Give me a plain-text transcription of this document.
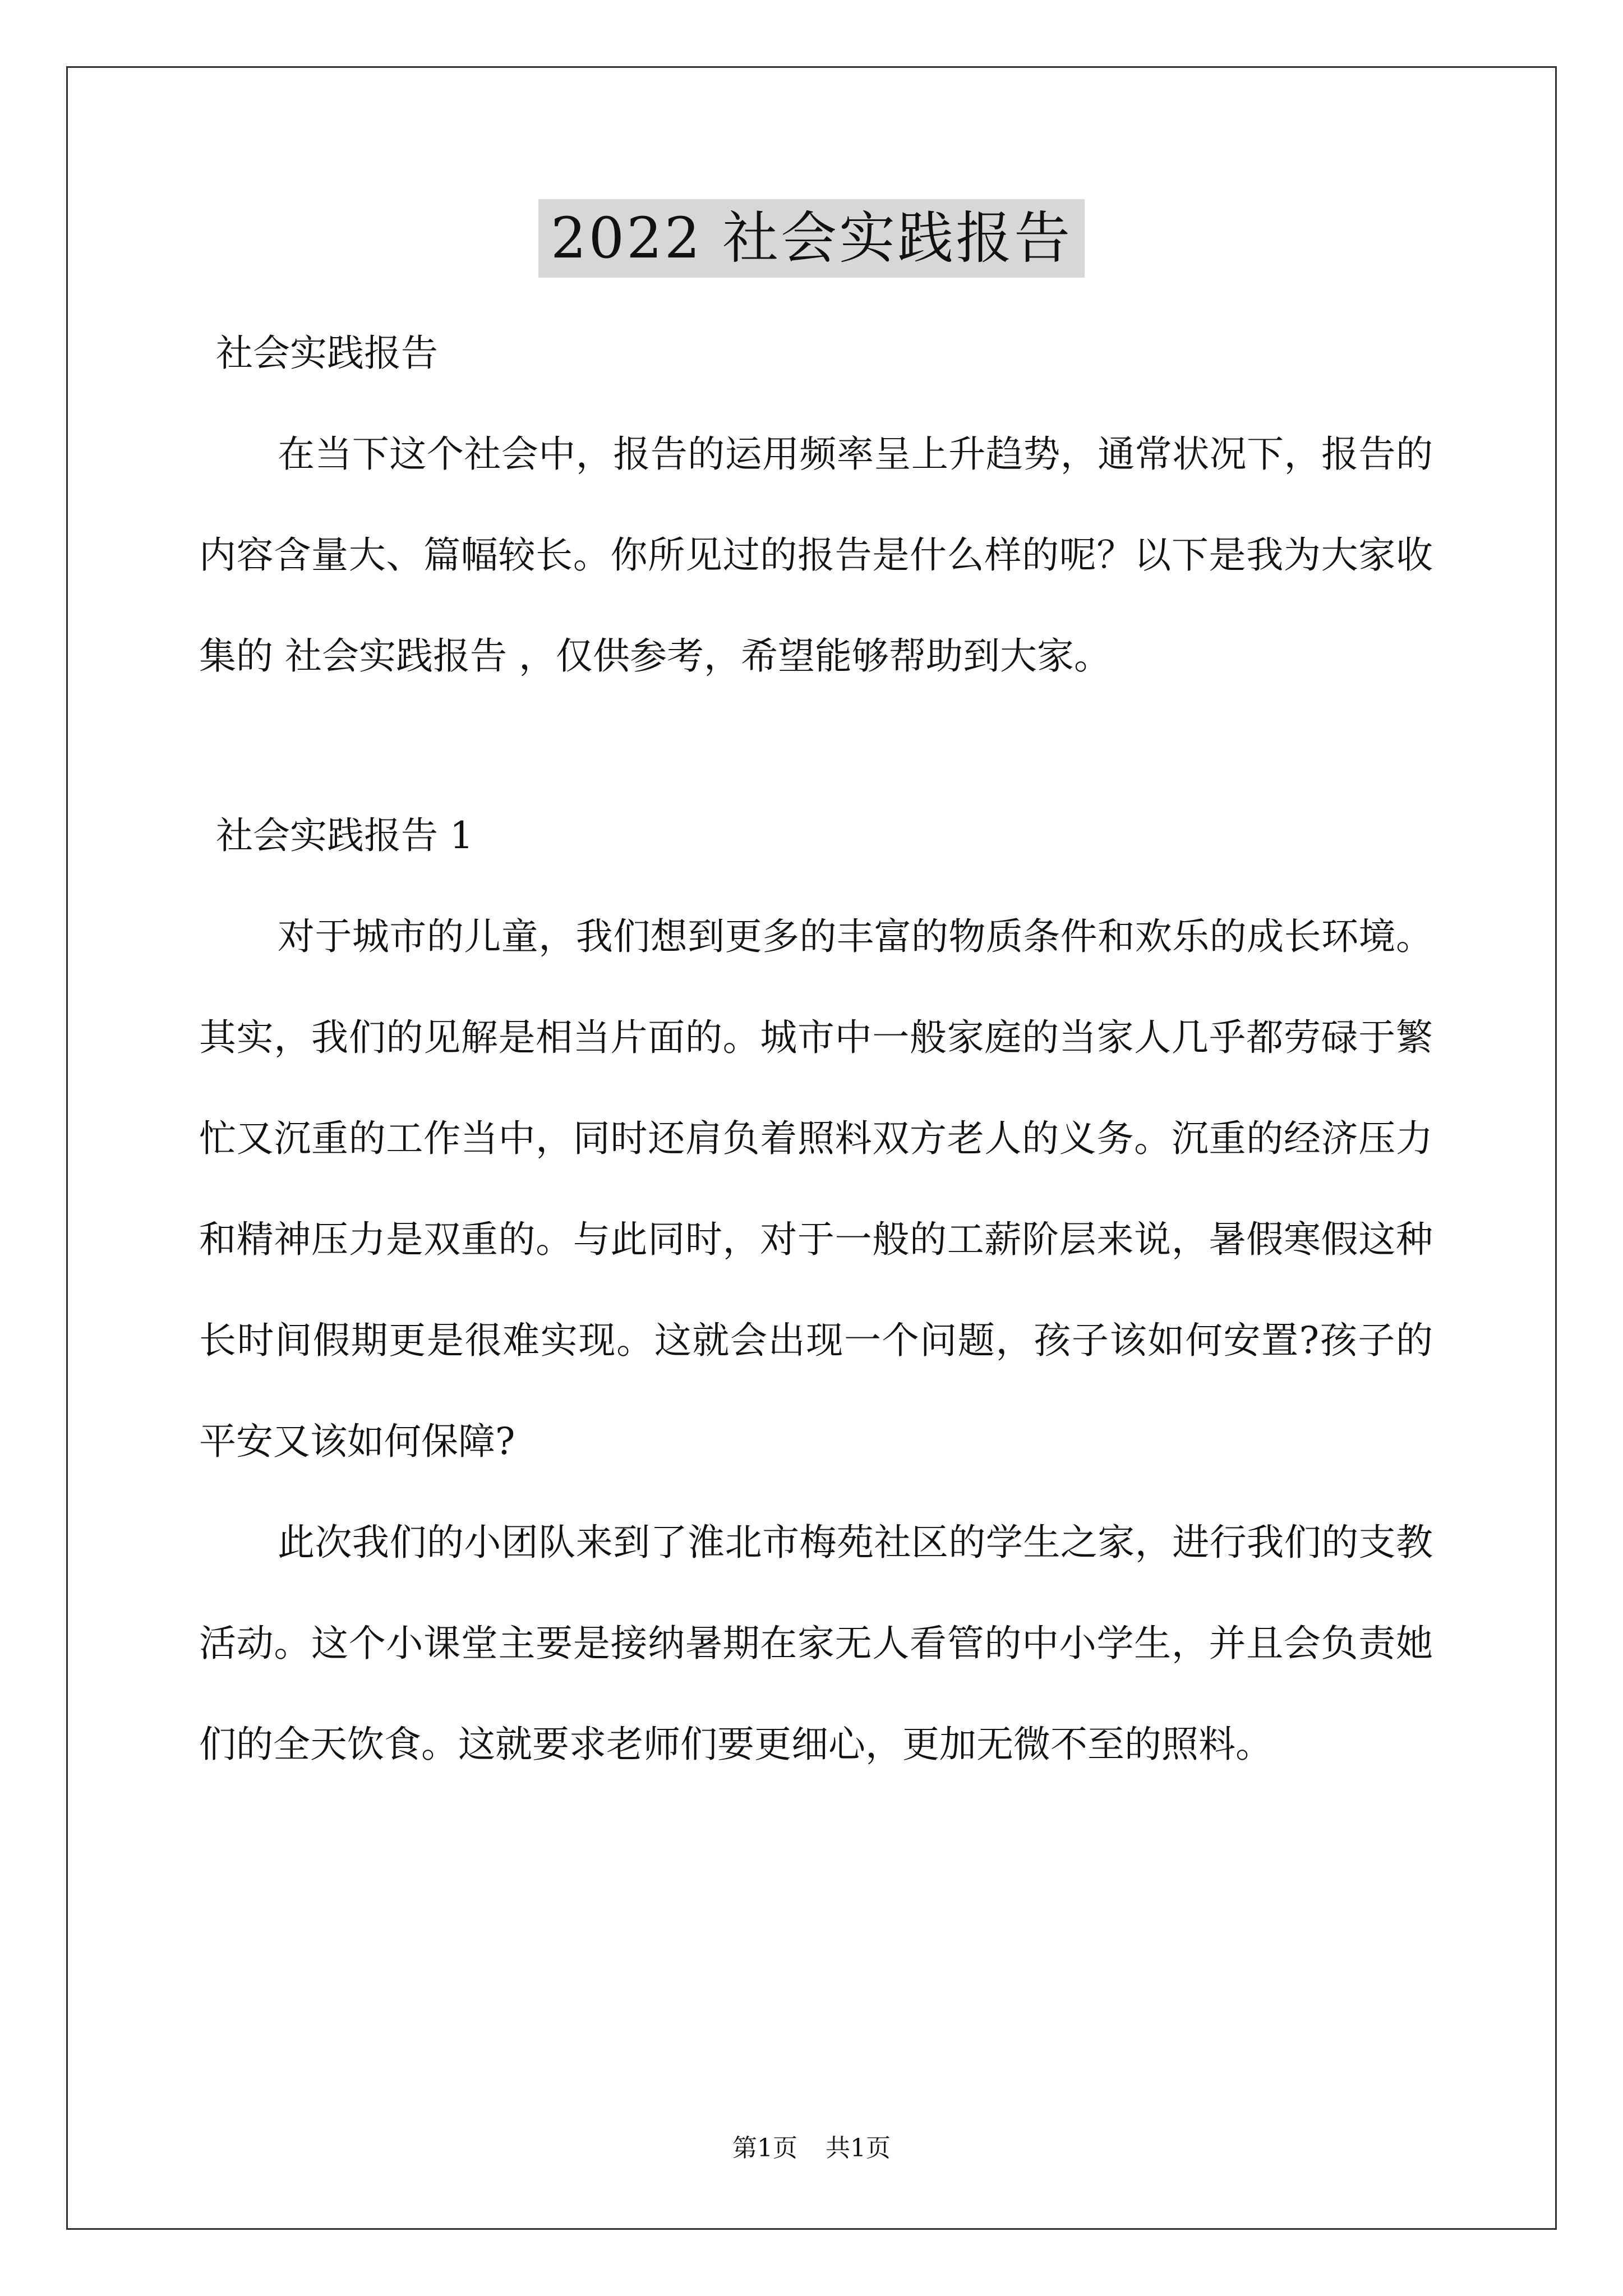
2022 社会实践报告

社会实践报告

在当下这个社会中，报告的运用频率呈上升趋势，通常状况下，报告的内容含量大、篇幅较长。你所见过的报告是什么样的呢？以下是我为大家收集的 社会实践报告 ，仅供参考，希望能够帮助到大家。

社会实践报告 1

对于城市的儿童，我们想到更多的丰富的物质条件和欢乐的成长环境。其实，我们的见解是相当片面的。城市中一般家庭的当家人几乎都劳碌于繁忙又沉重的工作当中，同时还肩负着照料双方老人的义务。沉重的经济压力和精神压力是双重的。与此同时，对于一般的工薪阶层来说，暑假寒假这种长时间假期更是很难实现。这就会出现一个问题，孩子该如何安置?孩子的平安又该如何保障?

此次我们的小团队来到了淮北市梅苑社区的学生之家，进行我们的支教活动。这个小课堂主要是接纳暑期在家无人看管的中小学生，并且会负责她们的全天饮食。这就要求老师们要更细心，更加无微不至的照料。

第1页 共1页
